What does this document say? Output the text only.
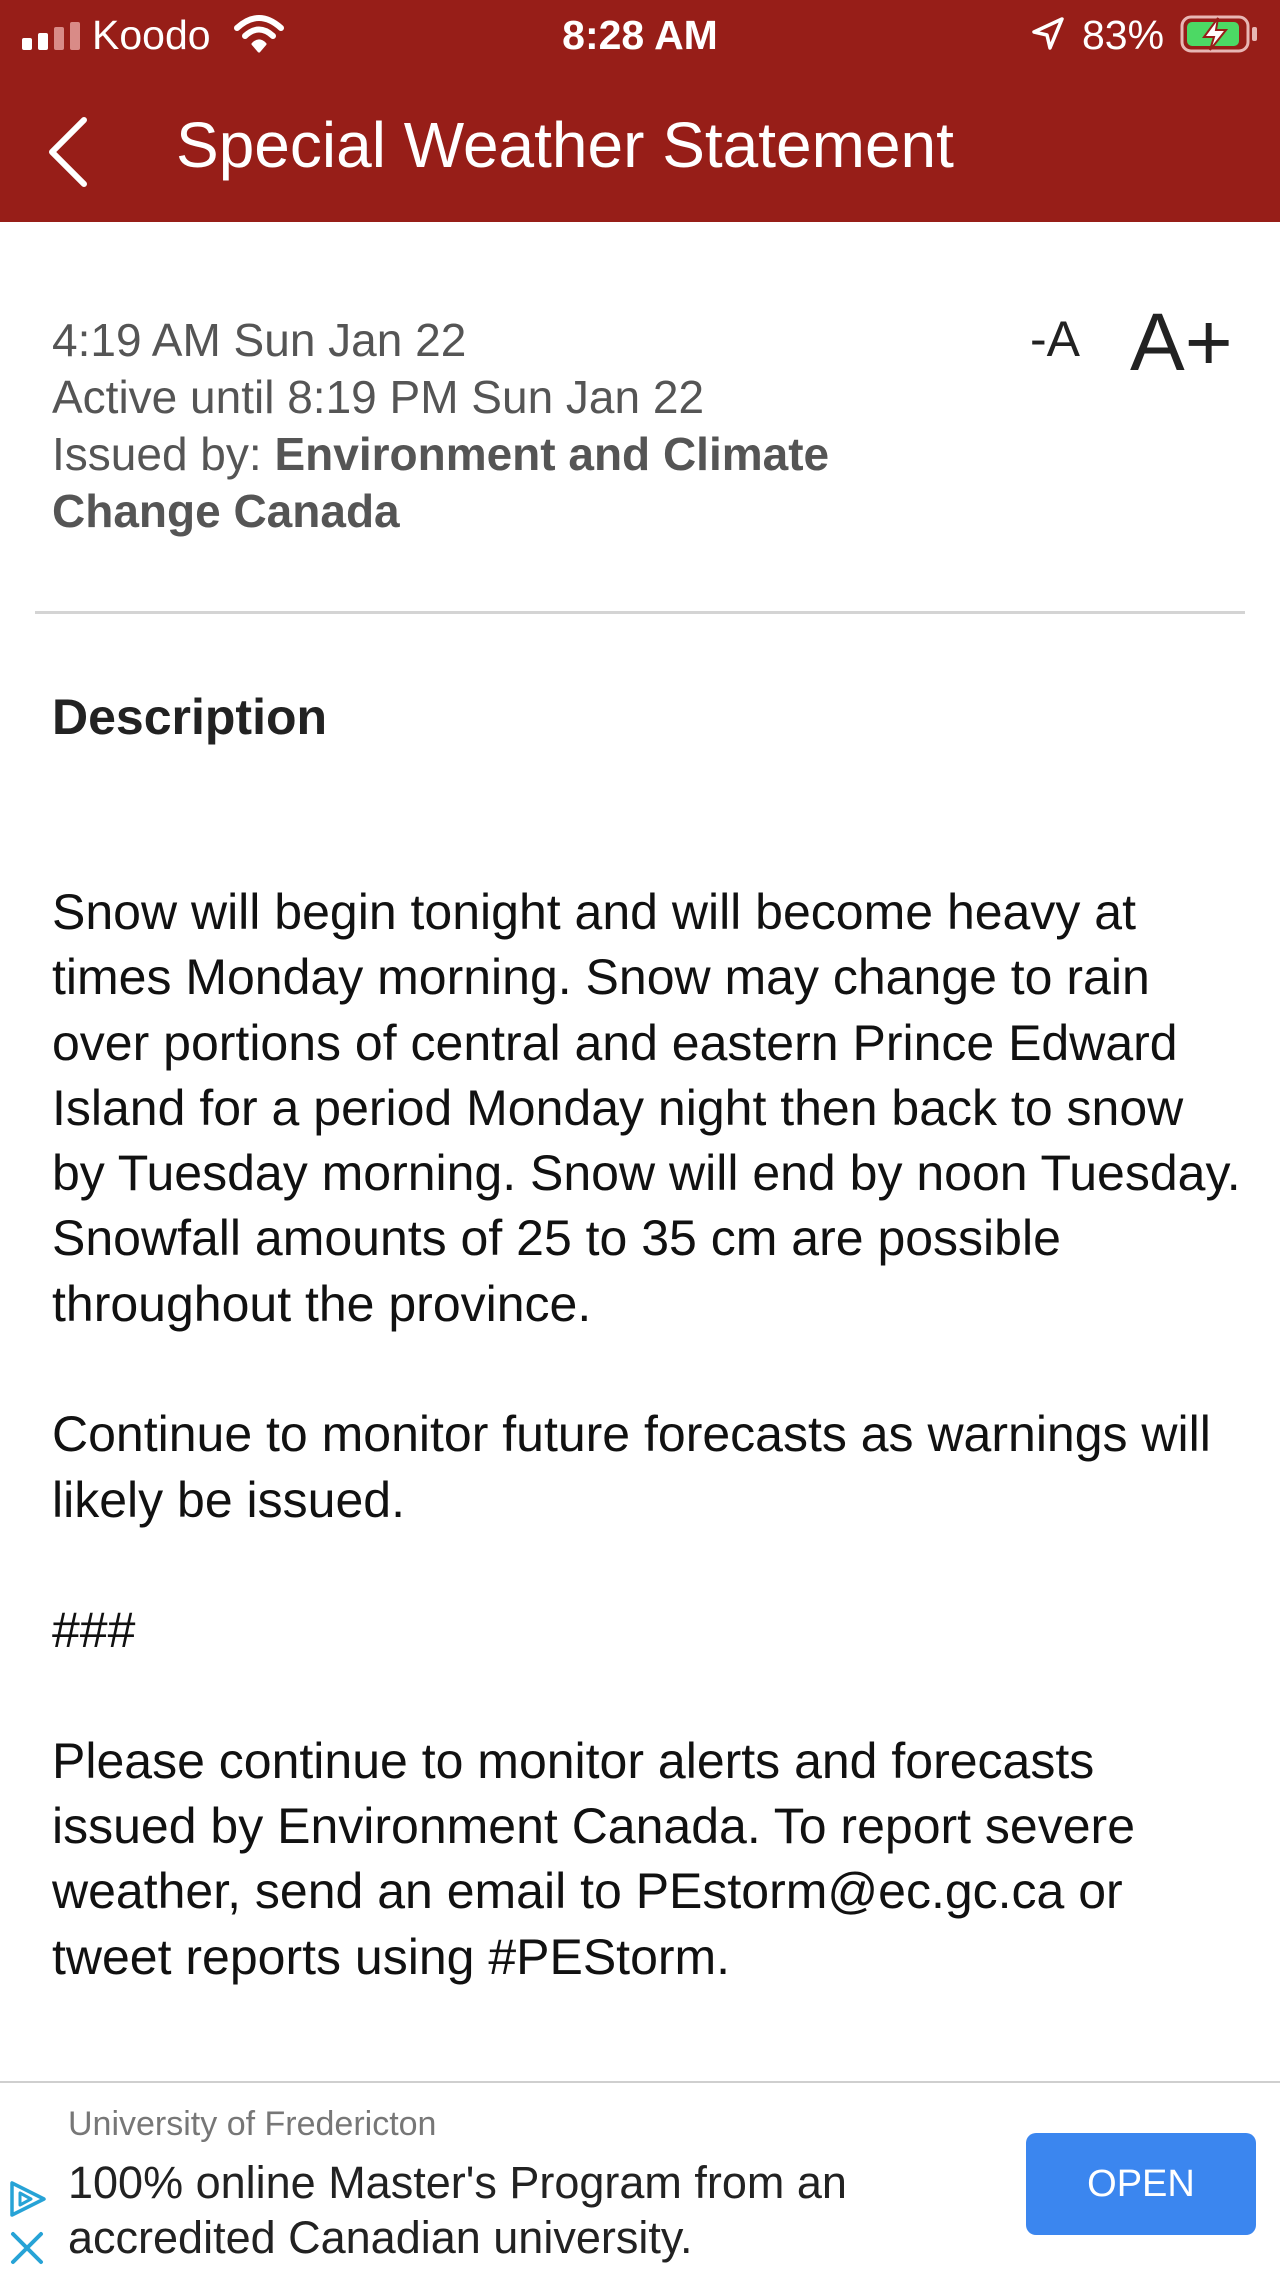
Koodo	8:28 AM	83%
Special Weather Statement
4:19 AM Sun Jan 22
Active until 8:19 PM Sun Jan 22
Issued by: Environment and Climate Change Canada
-A A+
Description

Snow will begin tonight and will become heavy at times Monday morning. Snow may change to rain over portions of central and eastern Prince Edward Island for a period Monday night then back to snow by Tuesday morning. Snow will end by noon Tuesday. Snowfall amounts of 25 to 35 cm are possible throughout the province.

Continue to monitor future forecasts as warnings will likely be issued.

###

Please continue to monitor alerts and forecasts issued by Environment Canada. To report severe weather, send an email to PEstorm@ec.gc.ca or tweet reports using #PEStorm.

University of Fredericton
100% online Master's Program from an accredited Canadian university.
OPEN
